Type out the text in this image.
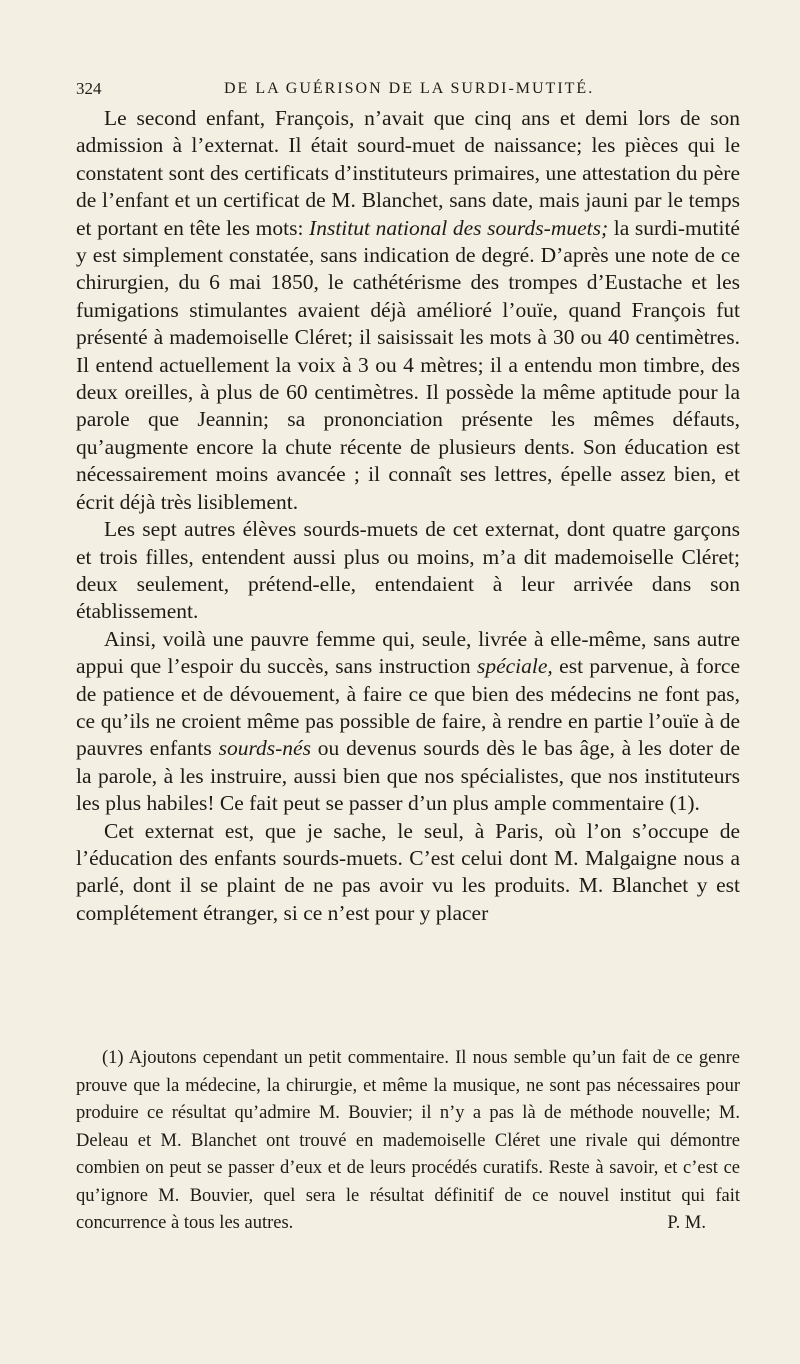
324	DE LA GUÉRISON DE LA SURDI-MUTITÉ.

Le second enfant, François, n’avait que cinq ans et demi lors de son admission à l’externat. Il était sourd-muet de naissance; les pièces qui le constatent sont des certificats d’instituteurs primaires, une attestation du père de l’enfant et un certificat de M. Blanchet, sans date, mais jauni par le temps et portant en tête les mots: Institut national des sourds-muets; la surdi-mutité y est simplement constatée, sans indication de degré. D’après une note de ce chirurgien, du 6 mai 1850, le cathétérisme des trompes d’Eustache et les fumigations stimulantes avaient déjà amélioré l’ouïe, quand François fut présenté à mademoiselle Cléret; il saisissait les mots à 30 ou 40 centimètres. Il entend actuellement la voix à 3 ou 4 mètres; il a entendu mon timbre, des deux oreilles, à plus de 60 centimètres. Il possède la même aptitude pour la parole que Jeannin; sa prononciation présente les mêmes défauts, qu’augmente encore la chute récente de plusieurs dents. Son éducation est nécessairement moins avancée ; il connaît ses lettres, épelle assez bien, et écrit déjà très lisiblement.

Les sept autres élèves sourds-muets de cet externat, dont quatre garçons et trois filles, entendent aussi plus ou moins, m’a dit mademoiselle Cléret; deux seulement, prétend-elle, entendaient à leur arrivée dans son établissement.

Ainsi, voilà une pauvre femme qui, seule, livrée à elle-même, sans autre appui que l’espoir du succès, sans instruction spéciale, est parvenue, à force de patience et de dévouement, à faire ce que bien des médecins ne font pas, ce qu’ils ne croient même pas possible de faire, à rendre en partie l’ouïe à de pauvres enfants sourds-nés ou devenus sourds dès le bas âge, à les doter de la parole, à les instruire, aussi bien que nos spécialistes, que nos instituteurs les plus habiles! Ce fait peut se passer d’un plus ample commentaire (1).

Cet externat est, que je sache, le seul, à Paris, où l’on s’occupe de l’éducation des enfants sourds-muets. C’est celui dont M. Malgaigne nous a parlé, dont il se plaint de ne pas avoir vu les produits. M. Blanchet y est complétement étranger, si ce n’est pour y placer

(1) Ajoutons cependant un petit commentaire. Il nous semble qu’un fait de ce genre prouve que la médecine, la chirurgie, et même la musique, ne sont pas nécessaires pour produire ce résultat qu’admire M. Bouvier; il n’y a pas là de méthode nouvelle; M. Deleau et M. Blanchet ont trouvé en mademoiselle Cléret une rivale qui démontre combien on peut se passer d’eux et de leurs procédés curatifs. Reste à savoir, et c’est ce qu’ignore M. Bouvier, quel sera le résultat définitif de ce nouvel institut qui fait concurrence à tous les autres.	P. M.
